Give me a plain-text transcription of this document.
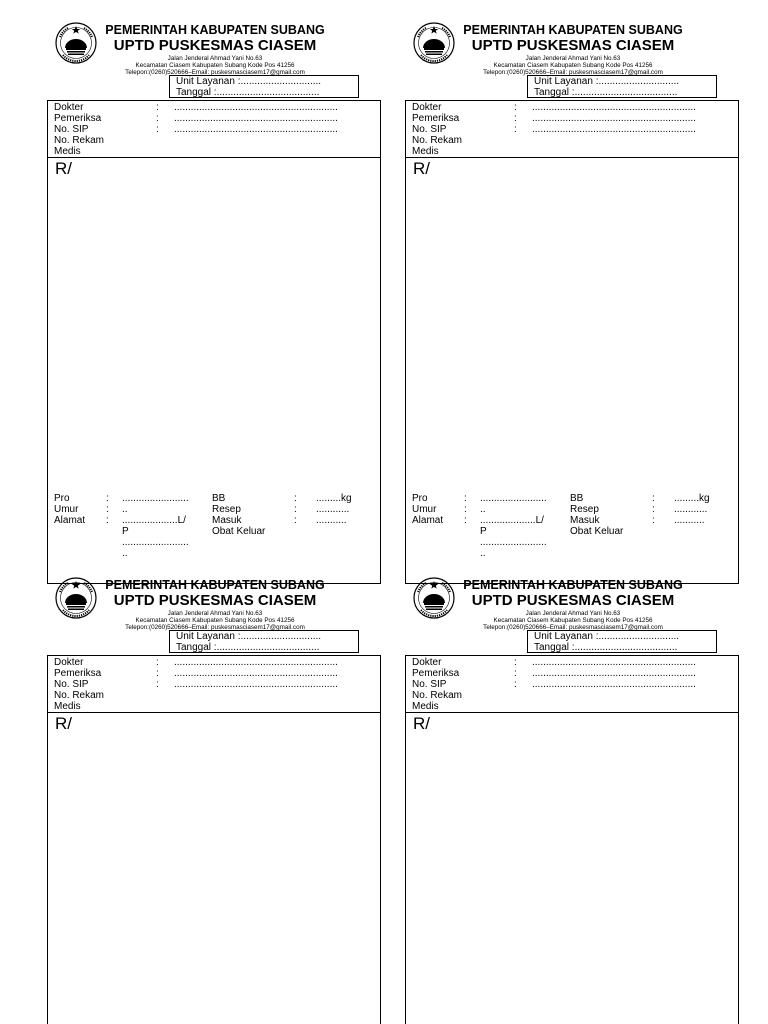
PEMERINTAH KABUPATEN SUBANG
UPTD PUSKESMAS CIASEM
Jalan Jenderal Ahmad Yani No.63
Kecamatan Ciasem Kabupaten Subang Kode Pos 41256
Telepon:(0260)520666–Email: puskesmasciasem17@gmail.com
Unit Layanan :.............................
Tanggal :.....................................
Dokter
Pemeriksa
No. SIP
No. Rekam
Medis
:
:
:
...........................................................
...........................................................
...........................................................
R/
Pro
Umur
Alamat
:
:
:
........................
..
....................L/
P
........................
..
BB
Resep
Masuk
Obat Keluar
:
:
:
.........kg
............
...........
PEMERINTAH KABUPATEN SUBANG
UPTD PUSKESMAS CIASEM
Jalan Jenderal Ahmad Yani No.63
Kecamatan Ciasem Kabupaten Subang Kode Pos 41256
Telepon:(0260)520666–Email: puskesmasciasem17@gmail.com
Unit Layanan :.............................
Tanggal :.....................................
Dokter
Pemeriksa
No. SIP
No. Rekam
Medis
:
:
:
...........................................................
...........................................................
...........................................................
R/
Pro
Umur
Alamat
:
:
:
........................
..
....................L/
P
........................
..
BB
Resep
Masuk
Obat Keluar
:
:
:
.........kg
............
...........
PEMERINTAH KABUPATEN SUBANG
UPTD PUSKESMAS CIASEM
Jalan Jenderal Ahmad Yani No.63
Kecamatan Ciasem Kabupaten Subang Kode Pos 41256
Telepon:(0260)520666–Email: puskesmasciasem17@gmail.com
Unit Layanan :.............................
Tanggal :.....................................
Dokter
Pemeriksa
No. SIP
No. Rekam
Medis
:
:
:
...........................................................
...........................................................
...........................................................
R/
PEMERINTAH KABUPATEN SUBANG
UPTD PUSKESMAS CIASEM
Jalan Jenderal Ahmad Yani No.63
Kecamatan Ciasem Kabupaten Subang Kode Pos 41256
Telepon:(0260)520666–Email: puskesmasciasem17@gmail.com
Unit Layanan :.............................
Tanggal :.....................................
Dokter
Pemeriksa
No. SIP
No. Rekam
Medis
:
:
:
...........................................................
...........................................................
...........................................................
R/
